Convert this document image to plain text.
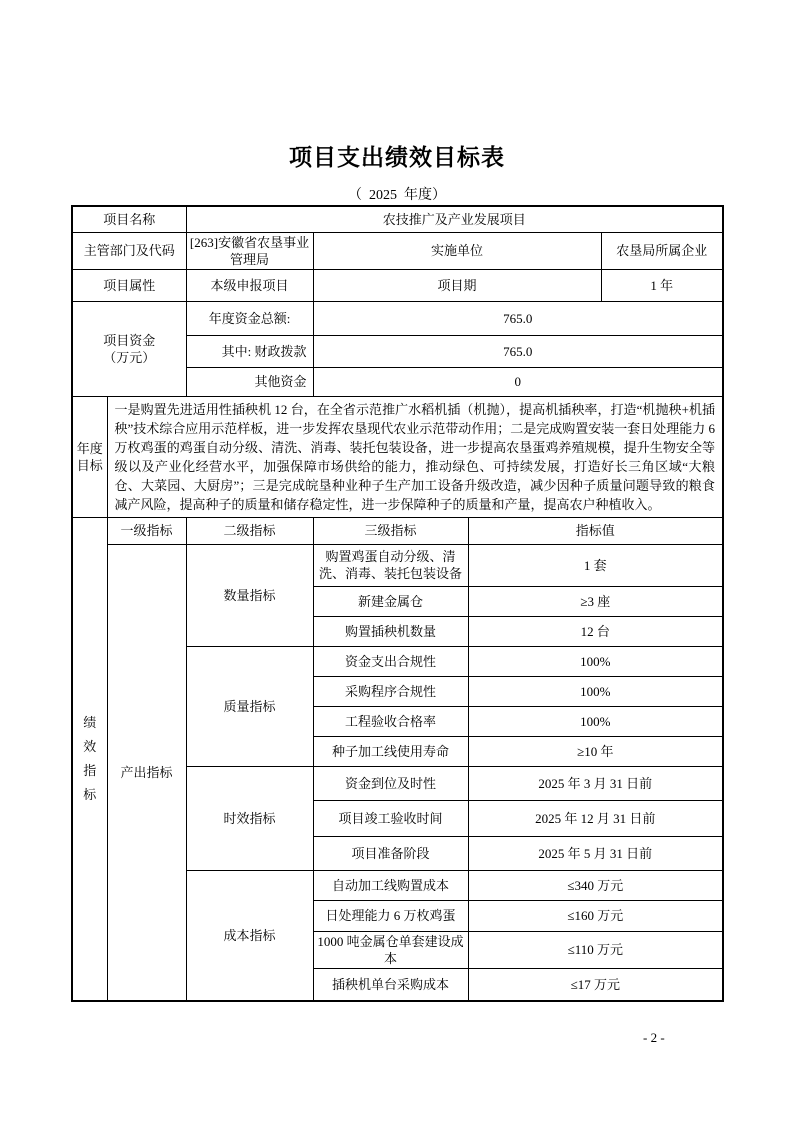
项目支出绩效目标表
（  2025  年度）
项目名称		农技推广及产业发展项目			
主管部门及代码		[263]安徽省农垦事业管理局	实施单位		农垦局所属企业
项目属性		本级申报项目	项目期		1 年

项目资金
（万元）		年度资金总额:	765.0		
		其中: 财政拨款	765.0		
		其他资金	0		

年度
目标	一是购置先进适用性插秧机 12 台，在全省示范推广水稻机插（机抛），提高机插秧率，打造“机抛秧+机插秧”技术综合应用示范样板，进一步发挥农垦现代农业示范带动作用；二是完成购置安装一套日处理能力 6 万枚鸡蛋的鸡蛋自动分级、清洗、消毒、装托包装设备，进一步提高农垦蛋鸡养殖规模，提升生物安全等级以及产业化经营水平，加强保障市场供给的能力，推动绿色、可持续发展，打造好长三角区域“大粮仓、大菜园、大厨房”；三是完成皖垦种业种子生产加工设备升级改造，减少因种子质量问题导致的粮食减产风险，提高种子的质量和储存稳定性，进一步保障种子的质量和产量，提高农户种植收入。				

绩效指标	一级指标	二级指标	三级指标	指标值	
	产出指标	数量指标	购置鸡蛋自动分级、清洗、消毒、装托包装设备	1 套	
			新建金属仓	≥3 座	
			购置插秧机数量	12 台	
		质量指标	资金支出合规性	100%	
			采购程序合规性	100%	
			工程验收合格率	100%	
			种子加工线使用寿命	≥10 年	
		时效指标	资金到位及时性	2025 年 3 月 31 日前	
			项目竣工验收时间	2025 年 12 月 31 日前	
			项目准备阶段	2025 年 5 月 31 日前	
		成本指标	自动加工线购置成本	≤340 万元	
			日处理能力 6 万枚鸡蛋	≤160 万元	
			1000 吨金属仓单套建设成本	≤110 万元	
			插秧机单台采购成本	≤17 万元	
- 2 -
